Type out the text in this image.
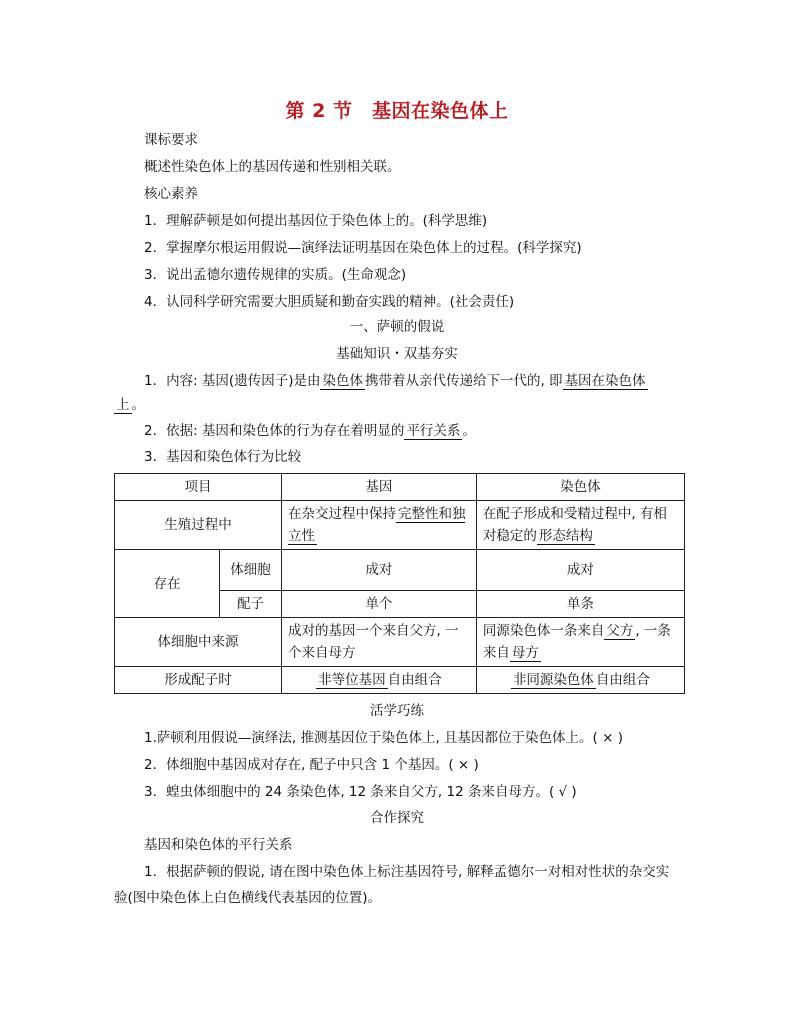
第 2 节　基因在染色体上
课标要求
概述性染色体上的基因传递和性别相关联。
核心素养
1．理解萨顿是如何提出基因位于染色体上的。(科学思维)
2．掌握摩尔根运用假说—演绎法证明基因在染色体上的过程。(科学探究)
3．说出孟德尔遗传规律的实质。(生命观念)
4．认同科学研究需要大胆质疑和勤奋实践的精神。(社会责任)
一、萨顿的假说
基础知识・双基夯实
1．内容: 基因(遗传因子)是由 染色体 携带着从亲代传递给下一代的, 即 基因在染色体
上 。
2．依据: 基因和染色体的行为存在着明显的 平行关系 。
3．基因和染色体行为比较
项目		基因	染色体
生殖过程中		在杂交过程中保持 完整性和独立性	在配子形成和受精过程中, 有相对稳定的 形态结构
存在	体细胞	成对	成对
	配子	单个	单条
体细胞中来源		成对的基因一个来自父方, 一个来自母方	同源染色体一条来自 父方 , 一条来自 母方
形成配子时		非等位基因 自由组合	非同源染色体 自由组合
活学巧练
1.萨顿利用假说—演绎法, 推测基因位于染色体上, 且基因都位于染色体上。( × )
2．体细胞中基因成对存在, 配子中只含 1 个基因。( × )
3．蝗虫体细胞中的 24 条染色体, 12 条来自父方, 12 条来自母方。( √ )
合作探究
基因和染色体的平行关系
1．根据萨顿的假说, 请在图中染色体上标注基因符号, 解释孟德尔一对相对性状的杂交实
验(图中染色体上白色横线代表基因的位置)。
